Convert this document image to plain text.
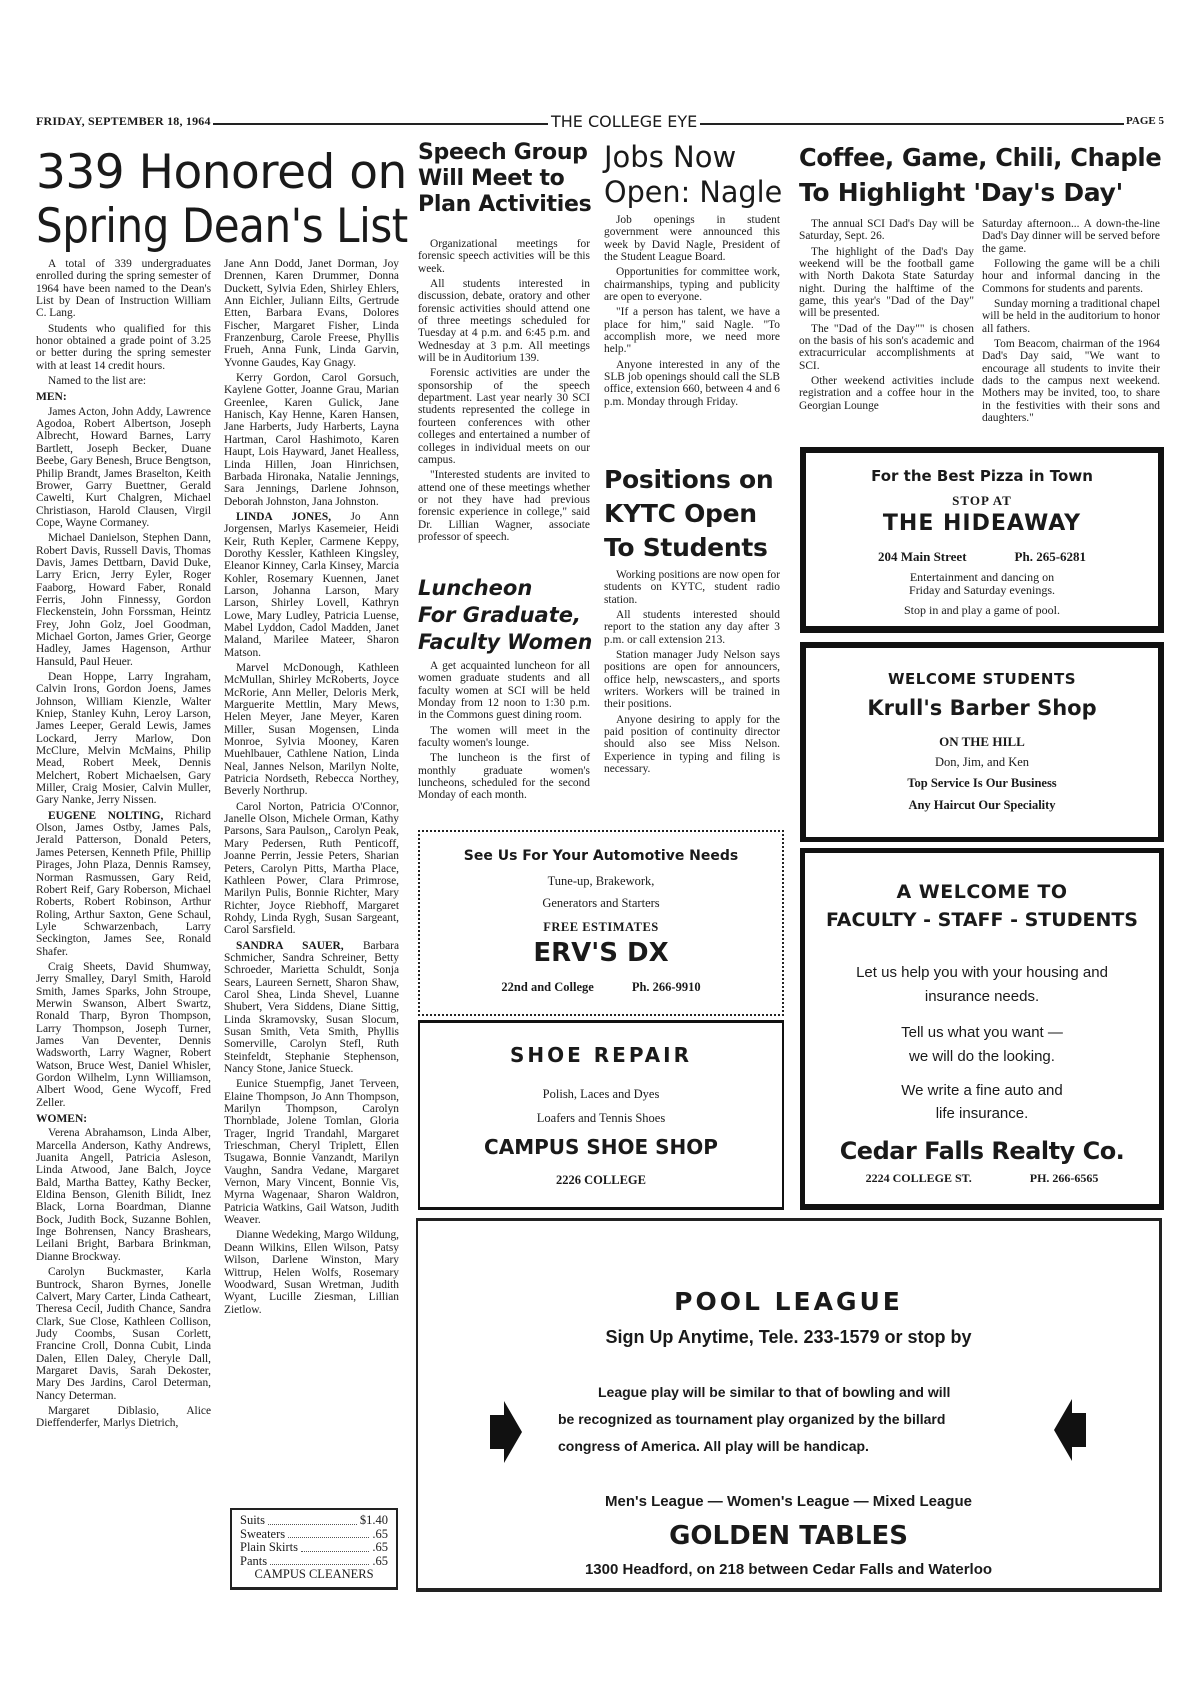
FRIDAY, SEPTEMBER 18, 1964	THE COLLEGE EYE	PAGE 5
339 Honored on
Spring Dean's List

A total of 339 undergraduates enrolled during the spring semester of 1964 have been named to the Dean's List by Dean of Instruction William C. Lang.

Students who qualified for this honor obtained a grade point of 3.25 or better during the spring semester with at least 14 credit hours.

Named to the list are:

MEN:

James Acton, John Addy, Lawrence Agodoa, Robert Albertson, Joseph Albrecht, Howard Barnes, Larry Bartlett, Joseph Becker, Duane Beebe, Gary Benesh, Bruce Bengtson, Philip Brandt, James Braselton, Keith Brower, Garry Buettner, Gerald Cawelti, Kurt Chalgren, Michael Christiason, Harold Clausen, Virgil Cope, Wayne Cormaney.

Michael Danielson, Stephen Dann, Robert Davis, Russell Davis, Thomas Davis, James Dettbarn, David Duke, Larry Ericn, Jerry Eyler, Roger Faaborg, Howard Faber, Ronald Ferris, John Finnessy, Gordon Fleckenstein, John Forssman, Heintz Frey, John Golz, Joel Goodman, Michael Gorton, James Grier, George Hadley, James Hagenson, Arthur Hansuld, Paul Heuer.

Dean Hoppe, Larry Ingraham, Calvin Irons, Gordon Joens, James Johnson, William Kienzle, Walter Kniep, Stanley Kuhn, Leroy Larson, James Leeper, Gerald Lewis, James Lockard, Jerry Marlow, Don McClure, Melvin McMains, Philip Mead, Robert Meek, Dennis Melchert, Robert Michaelsen, Gary Miller, Craig Mosier, Calvin Muller, Gary Nanke, Jerry Nissen.

EUGENE NOLTING, Richard Olson, James Ostby, James Pals, Jerald Patterson, Donald Peters, James Petersen, Kenneth Pfile, Phillip Pirages, John Plaza, Dennis Ramsey, Norman Rasmussen, Gary Reid, Robert Reif, Gary Roberson, Michael Roberts, Robert Robinson, Arthur Roling, Arthur Saxton, Gene Schaul, Lyle Schwarzenbach, Larry Seckington, James See, Ronald Shafer.

Craig Sheets, David Shumway, Jerry Smalley, Daryl Smith, Harold Smith, James Sparks, John Stroupe, Merwin Swanson, Albert Swartz, Ronald Tharp, Byron Thompson, Larry Thompson, Joseph Turner, James Van Deventer, Dennis Wadsworth, Larry Wagner, Robert Watson, Bruce West, Daniel Whisler, Gordon Wilhelm, Lynn Williamson, Albert Wood, Gene Wycoff, Fred Zeller.

WOMEN:

Verena Abrahamson, Linda Alber, Marcella Anderson, Kathy Andrews, Juanita Angell, Patricia Asleson, Linda Atwood, Jane Balch, Joyce Bald, Martha Battey, Kathy Becker, Eldina Benson, Glenith Bilidt, Inez Black, Lorna Boardman, Dianne Bock, Judith Bock, Suzanne Bohlen, Inge Bohrensen, Nancy Brashears, Leilani Bright, Barbara Brinkman, Dianne Brockway.

Carolyn Buckmaster, Karla Buntrock, Sharon Byrnes, Jonelle Calvert, Mary Carter, Linda Catheart, Theresa Cecil, Judith Chance, Sandra Clark, Sue Close, Kathleen Collison, Judy Coombs, Susan Corlett, Francine Croll, Donna Cubit, Linda Dalen, Ellen Daley, Cheryle Dall, Margaret Davis, Sarah Dekoster, Mary Des Jardins, Carol Determan, Nancy Determan.

Margaret Diblasio, Alice Dieffenderfer, Marlys Dietrich,

Jane Ann Dodd, Janet Dorman, Joy Drennen, Karen Drummer, Donna Duckett, Sylvia Eden, Shirley Ehlers, Ann Eichler, Juliann Eilts, Gertrude Etten, Barbara Evans, Dolores Fischer, Margaret Fisher, Linda Franzenburg, Carole Freese, Phyllis Frueh, Anna Funk, Linda Garvin, Yvonne Gaudes, Kay Gnagy.

Kerry Gordon, Carol Gorsuch, Kaylene Gotter, Joanne Grau, Marian Greenlee, Karen Gulick, Jane Hanisch, Kay Henne, Karen Hansen, Jane Harberts, Judy Harberts, Layna Hartman, Carol Hashimoto, Karen Haupt, Lois Hayward, Janet Healless, Linda Hillen, Joan Hinrichsen, Barbada Hironaka, Natalie Jennings, Sara Jennings, Darlene Johnson, Deborah Johnston, Jana Johnston.

LINDA JONES, Jo Ann Jorgensen, Marlys Kasemeier, Heidi Keir, Ruth Kepler, Carmene Keppy, Dorothy Kessler, Kathleen Kingsley, Eleanor Kinney, Carla Kinsey, Marcia Kohler, Rosemary Kuennen, Janet Larson, Johanna Larson, Mary Larson, Shirley Lovell, Kathryn Lowe, Mary Ludley, Patricia Luense, Mabel Lyddon, Cadol Madden, Janet Maland, Marilee Mateer, Sharon Matson.

Marvel McDonough, Kathleen McMullan, Shirley McRoberts, Joyce McRorie, Ann Meller, Deloris Merk, Marguerite Mettlin, Mary Mews, Helen Meyer, Jane Meyer, Karen Miller, Susan Mogensen, Linda Monroe, Sylvia Mooney, Karen Muehlbauer, Cathlene Nation, Linda Neal, Jannes Nelson, Marilyn Nolte, Patricia Nordseth, Rebecca Northey, Beverly Northrup.

Carol Norton, Patricia O'Connor, Janelle Olson, Michele Orman, Kathy Parsons, Sara Paulson,, Carolyn Peak, Mary Pedersen, Ruth Penticoff, Joanne Perrin, Jessie Peters, Sharian Peters, Carolyn Pitts, Martha Place, Kathleen Power, Clara Primrose, Marilyn Pulis, Bonnie Richter, Mary Richter, Joyce Riebhoff, Margaret Rohdy, Linda Rygh, Susan Sargeant, Carol Sarsfield.

SANDRA SAUER, Barbara Schmicher, Sandra Schreiner, Betty Schroeder, Marietta Schuldt, Sonja Sears, Laureen Sernett, Sharon Shaw, Carol Shea, Linda Shevel, Luanne Shubert, Vera Siddens, Diane Sittig, Linda Skramovsky, Susan Slocum, Susan Smith, Veta Smith, Phyllis Somerville, Carolyn Stefl, Ruth Steinfeldt, Stephanie Stephenson, Nancy Stone, Janice Stueck.

Eunice Stuempfig, Janet Terveen, Elaine Thompson, Jo Ann Thompson, Marilyn Thompson, Carolyn Thornblade, Jolene Tomlan, Gloria Trager, Ingrid Trandahl, Margaret Trieschman, Cheryl Triplett, Ellen Tsugawa, Bonnie Vanzandt, Marilyn Vaughn, Sandra Vedane, Margaret Vernon, Mary Vincent, Bonnie Vis, Myrna Wagenaar, Sharon Waldron, Patricia Watkins, Gail Watson, Judith Weaver.

Dianne Wedeking, Margo Wildung, Deann Wilkins, Ellen Wilson, Patsy Wilson, Darlene Winston, Mary Wittrup, Helen Wolfs, Rosemary Woodward, Susan Wretman, Judith Wyant, Lucille Ziesman, Lillian Zietlow.

Suits	$1.40
Sweaters	.65
Plain Skirts	.65
Pants	.65
CAMPUS CLEANERS
Speech Group
Will Meet to
Plan Activities

Organizational meetings for forensic speech activities will be this week.

All students interested in discussion, debate, oratory and other forensic activities should attend one of three meetings scheduled for Tuesday at 4 p.m. and 6:45 p.m. and Wednesday at 3 p.m. All meetings will be in Auditorium 139.

Forensic activities are under the sponsorship of the speech department. Last year nearly 30 SCI students represented the college in fourteen conferences with other colleges and entertained a number of colleges in individual meets on our campus.

"Interested students are invited to attend one of these meetings whether or not they have had previous forensic experience in college," said Dr. Lillian Wagner, associate professor of speech.

Luncheon
For Graduate,
Faculty Women

A get acquainted luncheon for all women graduate students and all faculty women at SCI will be held Monday from 12 noon to 1:30 p.m. in the Commons guest dining room.

The women will meet in the faculty women's lounge.

The luncheon is the first of monthly graduate women's luncheons, scheduled for the second Monday of each month.

Jobs Now
Open: Nagle

Job openings in student government were announced this week by David Nagle, President of the Student League Board.

Opportunities for committee work, chairmanships, typing and publicity are open to everyone.

"If a person has talent, we have a place for him," said Nagle. "To accomplish more, we need more help."

Anyone interested in any of the SLB job openings should call the SLB office, extension 660, between 4 and 6 p.m. Monday through Friday.

Positions on
KYTC Open
To Students

Working positions are now open for students on KYTC, student radio station.

All students interested should report to the station any day after 3 p.m. or call extension 213.

Station manager Judy Nelson says positions are open for announcers, office help, newscasters,, and sports writers. Workers will be trained in their positions.

Anyone desiring to apply for the paid position of continuity director should also see Miss Nelson. Experience in typing and filing is necessary.

Coffee, Game, Chili, Chaple
To Highlight 'Day's Day'

The annual SCI Dad's Day will be Saturday, Sept. 26.

The highlight of the Dad's Day weekend will be the football game with North Dakota State Saturday night. During the halftime of the game, this year's "Dad of the Day" will be presented.

The "Dad of the Day"" is chosen on the basis of his son's academic and extracurricular accomplishments at SCI.

Other weekend activities include registration and a coffee hour in the Georgian Lounge

Saturday afternoon... A down-the-line Dad's Day dinner will be served before the game.

Following the game will be a chili hour and informal dancing in the Commons for students and parents.

Sunday morning a traditional chapel will be held in the auditorium to honor all fathers.

Tom Beacom, chairman of the 1964 Dad's Day said, "We want to encourage all students to invite their dads to the campus next weekend. Mothers may be invited, too, to share in the festivities with their sons and daughters."

For the Best Pizza in Town
STOP AT
THE HIDEAWAY
204 Main Street	Ph. 265-6281
Entertainment and dancing on
Friday and Saturday evenings.
Stop in and play a game of pool.
WELCOME STUDENTS
Krull's Barber Shop
ON THE HILL
Don, Jim, and Ken
Top Service Is Our Business
Any Haircut Our Speciality
A WELCOME TO
FACULTY - STAFF - STUDENTS
Let us help you with your housing and
insurance needs.
Tell us what you want —
we will do the looking.
We write a fine auto and
life insurance.
Cedar Falls Realty Co.
2224 COLLEGE ST.	PH. 266-6565
See Us For Your Automotive Needs
Tune-up, Brakework,
Generators and Starters
FREE ESTIMATES
ERV'S DX
22nd and College	Ph. 266-9910
SHOE REPAIR
Polish, Laces and Dyes
Loafers and Tennis Shoes
CAMPUS SHOE SHOP
2226 COLLEGE
POOL LEAGUE
Sign Up Anytime, Tele. 233-1579 or stop by
League play will be similar to that of bowling and will
be recognized as tournament play organized by the billard
congress of America. All play will be handicap.
Men's League — Women's League — Mixed League
GOLDEN TABLES
1300 Headford, on 218 between Cedar Falls and Waterloo
